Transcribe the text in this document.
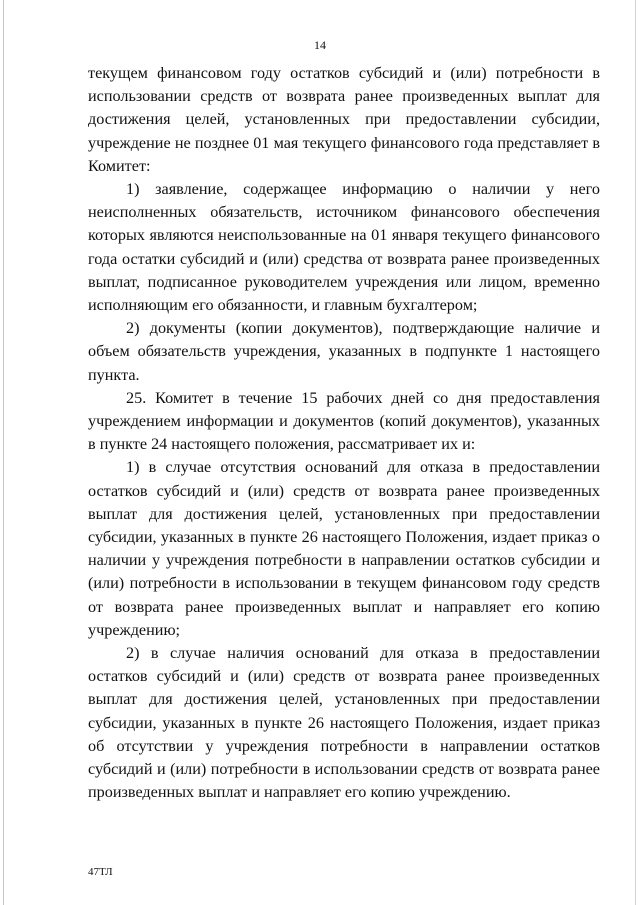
14

текущем финансовом году остатков субсидий и (или) потребности в использовании средств от возврата ранее произведенных выплат для достижения целей, установленных при предоставлении субсидии, учреждение не позднее 01 мая текущего финансового года представляет в Комитет:

1) заявление, содержащее информацию о наличии у него неисполненных обязательств, источником финансового обеспечения которых являются неиспользованные на 01 января текущего финансового года остатки субсидий и (или) средства от возврата ранее произведенных выплат, подписанное руководителем учреждения или лицом, временно исполняющим его обязанности, и главным бухгалтером;

2) документы (копии документов), подтверждающие наличие и объем обязательств учреждения, указанных в подпункте 1 настоящего пункта.

25. Комитет в течение 15 рабочих дней со дня предоставления учреждением информации и документов (копий документов), указанных в пункте 24 настоящего положения, рассматривает их и:

1) в случае отсутствия оснований для отказа в предоставлении остатков субсидий и (или) средств от возврата ранее произведенных выплат для достижения целей, установленных при предоставлении субсидии, указанных в пункте 26 настоящего Положения, издает приказ о наличии у учреждения потребности в направлении остатков субсидии и (или) потребности в использовании в текущем финансовом году средств от возврата ранее произведенных выплат и направляет его копию учреждению;

2) в случае наличия оснований для отказа в предоставлении остатков субсидий и (или) средств от возврата ранее произведенных выплат для достижения целей, установленных при предоставлении субсидии, указанных в пункте 26 настоящего Положения, издает приказ об отсутствии у учреждения потребности в направлении остатков субсидий и (или) потребности в использовании средств от возврата ранее произведенных выплат и направляет его копию учреждению.

47ТЛ
